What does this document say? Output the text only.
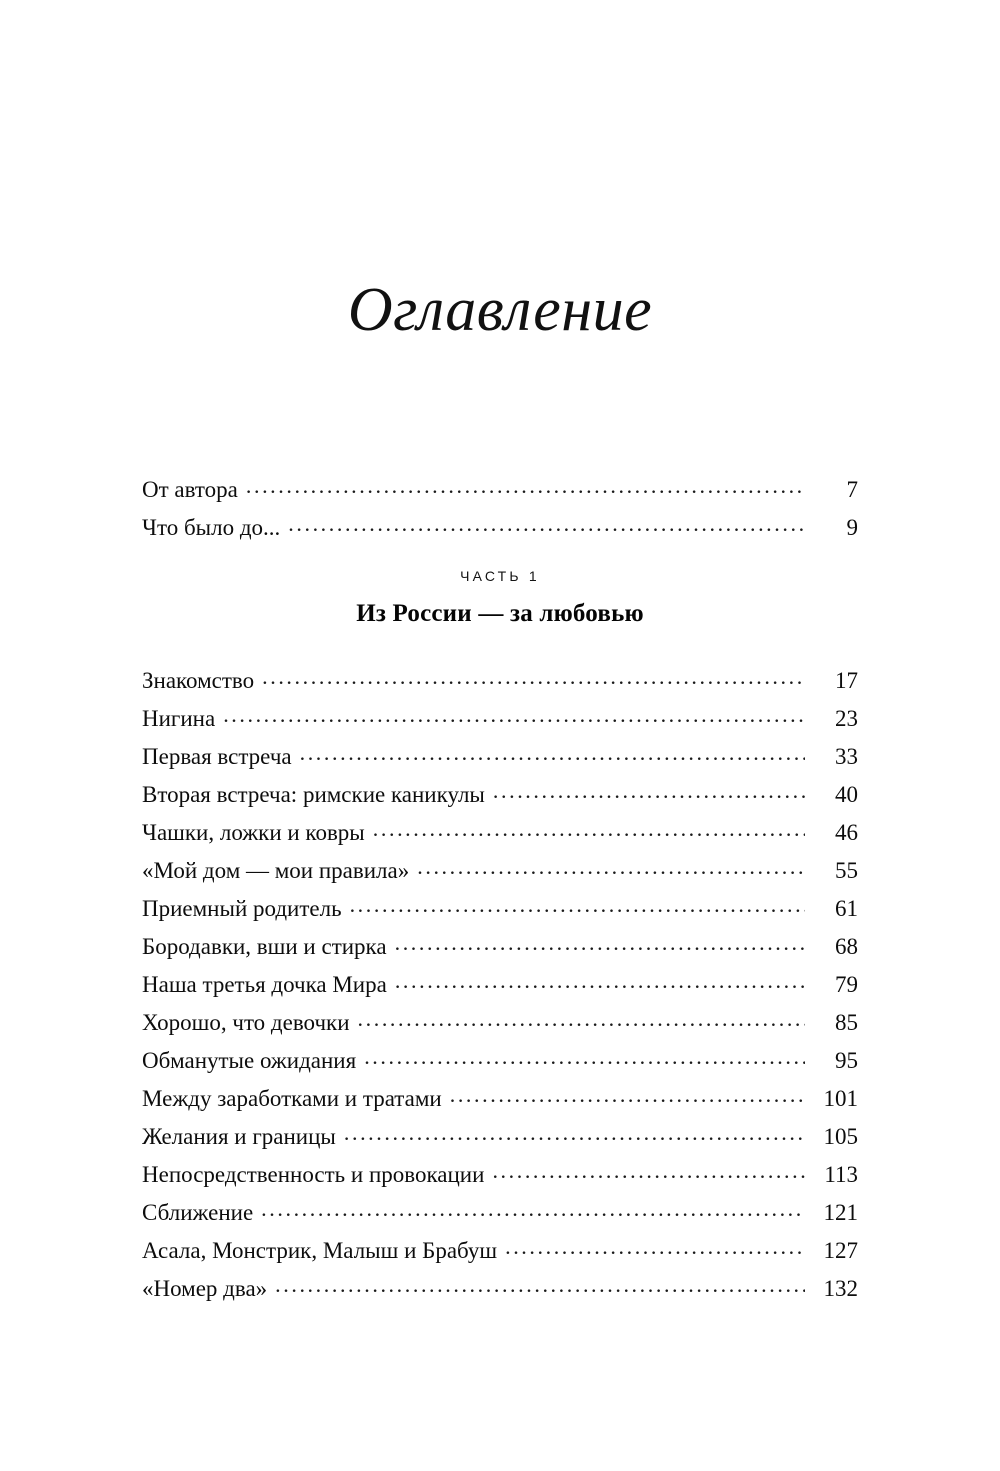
Оглавление
От автора .....	7
Что было до... .....	9
ЧАСТЬ 1
Из России — за любовью
Знакомство .....	17
Нигина .....	23
Первая встреча .....	33
Вторая встреча: римские каникулы .....	40
Чашки, ложки и ковры .....	46
«Мой дом — мои правила» .....	55
Приемный родитель .....	61
Бородавки, вши и стирка .....	68
Наша третья дочка Мира .....	79
Хорошо, что девочки .....	85
Обманутые ожидания .....	95
Между заработками и тратами .....	101
Желания и границы .....	105
Непосредственность и провокации .....	113
Сближение .....	121
Асала, Монстрик, Малыш и Брабуш .....	127
«Номер два» .....	132
